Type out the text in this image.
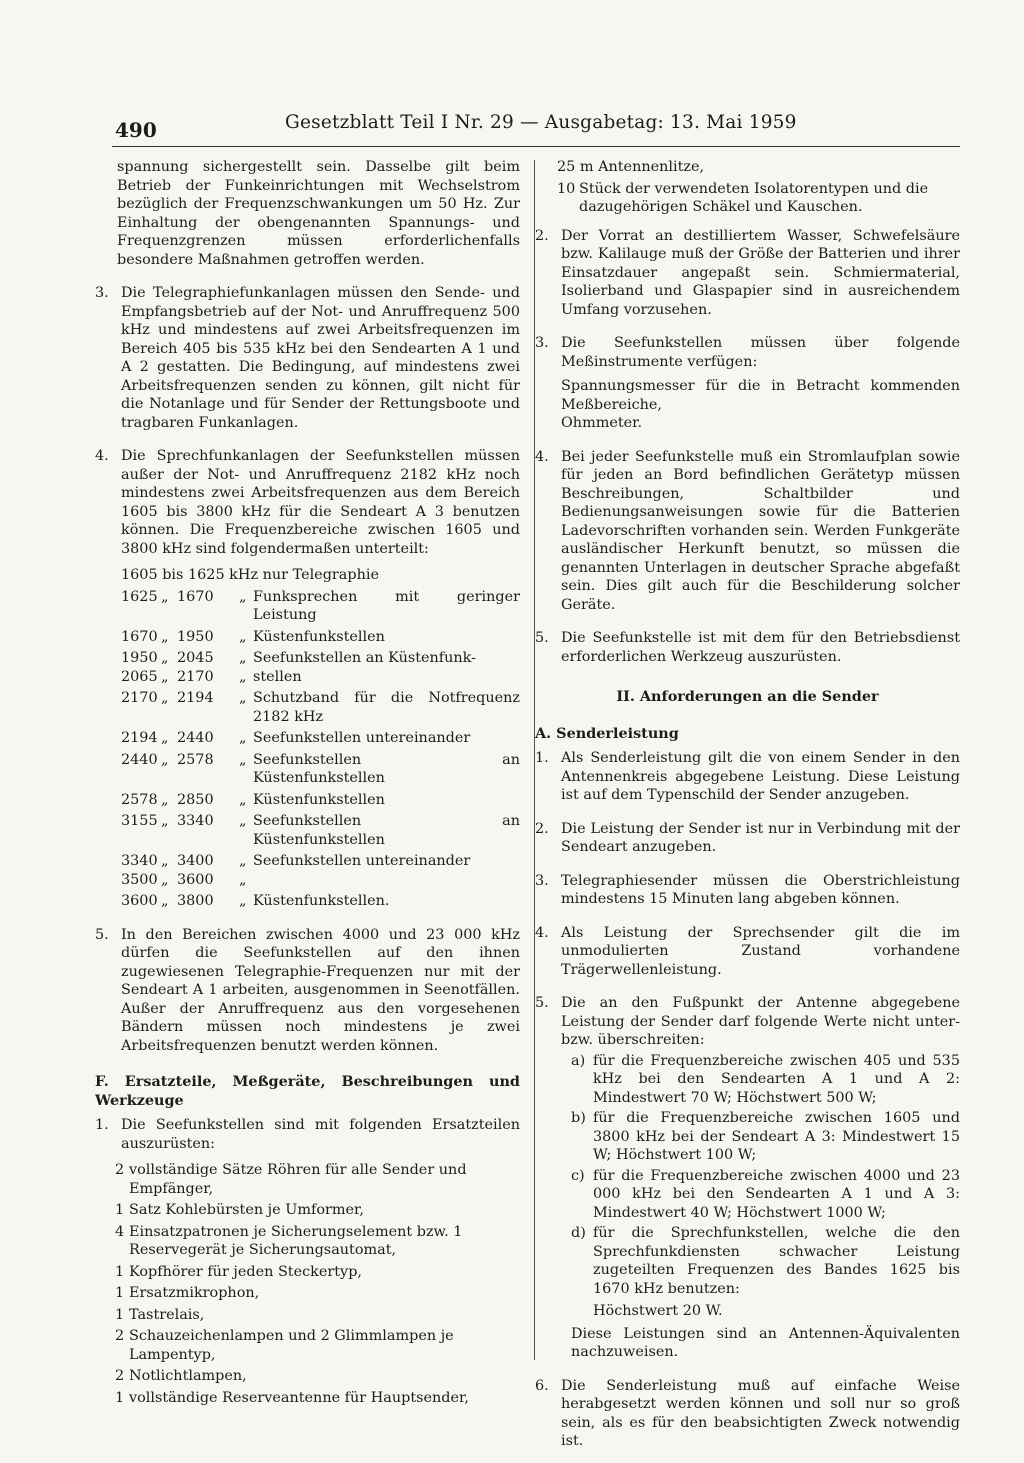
490	Gesetzblatt Teil I Nr. 29 — Ausgabetag: 13. Mai 1959

spannung sichergestellt sein. Dasselbe gilt beim Betrieb der Funkeinrichtungen mit Wechselstrom bezüglich der Frequenzschwankungen um 50 Hz. Zur Einhaltung der obengenannten Spannungs- und Frequenzgrenzen müssen erforderlichenfalls besondere Maßnahmen getroffen werden.

3. Die Telegraphiefunkanlagen müssen den Sende- und Empfangsbetrieb auf der Not- und Anruffrequenz 500 kHz und mindestens auf zwei Arbeitsfrequenzen im Bereich 405 bis 535 kHz bei den Sendearten A 1 und A 2 gestatten. Die Bedingung, auf mindestens zwei Arbeitsfrequenzen senden zu können, gilt nicht für die Notanlage und für Sender der Rettungsboote und tragbaren Funkanlagen.
4. Die Sprechfunkanlagen der Seefunkstellen müssen außer der Not- und Anruffrequenz 2182 kHz noch mindestens zwei Arbeitsfrequenzen aus dem Bereich 1605 bis 3800 kHz für die Sendeart A 3 benutzen können. Die Frequenzbereiche zwischen 1605 und 3800 kHz sind folgendermaßen unterteilt:
1605 bis 1625 kHz nur Telegraphie
1625 „ 1670	„ Funksprechen mit geringer Leistung
1670 „ 1950	„ Küstenfunkstellen
1950 „ 2045	„ Seefunkstellen an Küstenfunk-
2065 „ 2170	„ stellen
2170 „ 2194	„ Schutzband für die Notfrequenz 2182 kHz
2194 „ 2440	„ Seefunkstellen untereinander
2440 „ 2578	„ Seefunkstellen an Küstenfunkstellen
2578 „ 2850	„ Küstenfunkstellen
3155 „ 3340	„ Seefunkstellen an Küstenfunkstellen
3340 „ 3400	„ Seefunkstellen untereinander
3500 „ 3600	„
3600 „ 3800	„ Küstenfunkstellen.
5. In den Bereichen zwischen 4000 und 23 000 kHz dürfen die Seefunkstellen auf den ihnen zugewiesenen Telegraphie-Frequenzen nur mit der Sendeart A 1 arbeiten, ausgenommen in Seenotfällen. Außer der Anruffrequenz aus den vorgesehenen Bändern müssen noch mindestens je zwei Arbeitsfrequenzen benutzt werden können.

F. Ersatzteile, Meßgeräte, Beschreibungen und Werkzeuge

1. Die Seefunkstellen sind mit folgenden Ersatzteilen auszurüsten:
2 vollständige Sätze Röhren für alle Sender und Empfänger,
1 Satz Kohlebürsten je Umformer,
4 Einsatzpatronen je Sicherungselement bzw. 1 Reservegerät je Sicherungsautomat,
1 Kopfhörer für jeden Steckertyp,
1 Ersatzmikrophon,
1 Tastrelais,
2 Schauzeichenlampen und 2 Glimmlampen je Lampentyp,
2 Notlichtlampen,
1 vollständige Reserveantenne für Hauptsender,
25 m Antennenlitze,
10 Stück der verwendeten Isolatorentypen und die dazugehörigen Schäkel und Kauschen.
2. Der Vorrat an destilliertem Wasser, Schwefelsäure bzw. Kalilauge muß der Größe der Batterien und ihrer Einsatzdauer angepaßt sein. Schmiermaterial, Isolierband und Glaspapier sind in ausreichendem Umfang vorzusehen.
3. Die Seefunkstellen müssen über folgende Meßinstrumente verfügen:

Spannungsmesser für die in Betracht kommenden Meßbereiche,

Ohmmeter.

4. Bei jeder Seefunkstelle muß ein Stromlaufplan sowie für jeden an Bord befindlichen Gerätetyp müssen Beschreibungen, Schaltbilder und Bedienungsanweisungen sowie für die Batterien Ladevorschriften vorhanden sein. Werden Funkgeräte ausländischer Herkunft benutzt, so müssen die genannten Unterlagen in deutscher Sprache abgefaßt sein. Dies gilt auch für die Beschilderung solcher Geräte.
5. Die Seefunkstelle ist mit dem für den Betriebsdienst erforderlichen Werkzeug auszurüsten.

II. Anforderungen an die Sender

A. Senderleistung

1. Als Senderleistung gilt die von einem Sender in den Antennenkreis abgegebene Leistung. Diese Leistung ist auf dem Typenschild der Sender anzugeben.
2. Die Leistung der Sender ist nur in Verbindung mit der Sendeart anzugeben.
3. Telegraphiesender müssen die Oberstrichleistung mindestens 15 Minuten lang abgeben können.
4. Als Leistung der Sprechsender gilt die im unmodulierten Zustand vorhandene Trägerwellenleistung.
5. Die an den Fußpunkt der Antenne abgegebene Leistung der Sender darf folgende Werte nicht unter- bzw. überschreiten:
a) für die Frequenzbereiche zwischen 405 und 535 kHz bei den Sendearten A 1 und A 2: Mindestwert 70 W; Höchstwert 500 W;
b) für die Frequenzbereiche zwischen 1605 und 3800 kHz bei der Sendeart A 3: Mindestwert 15 W; Höchstwert 100 W;
c) für die Frequenzbereiche zwischen 4000 und 23 000 kHz bei den Sendearten A 1 und A 3: Mindestwert 40 W; Höchstwert 1000 W;
d) für die Sprechfunkstellen, welche die den Sprechfunkdiensten schwacher Leistung zugeteilten Frequenzen des Bandes 1625 bis 1670 kHz benutzen:

Höchstwert 20 W.

Diese Leistungen sind an Antennen-Äquivalenten nachzuweisen.

6. Die Senderleistung muß auf einfache Weise herabgesetzt werden können und soll nur so groß sein, als es für den beabsichtigten Zweck notwendig ist.
